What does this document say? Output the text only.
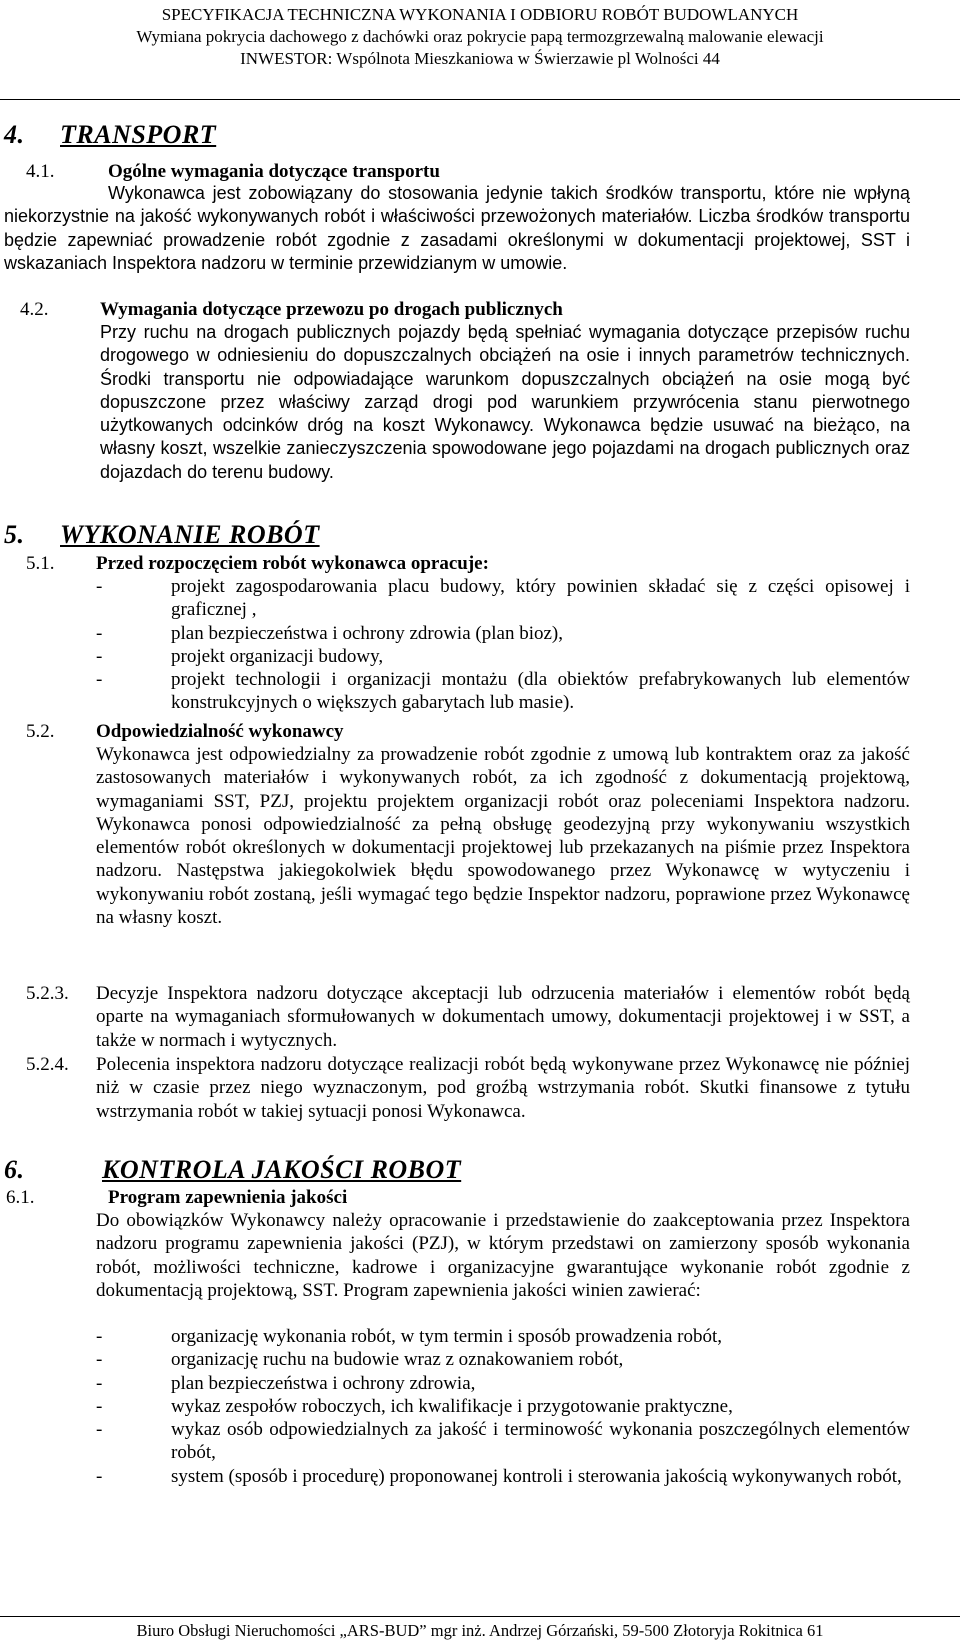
SPECYFIKACJA TECHNICZNA WYKONANIA I ODBIORU ROBÓT BUDOWLANYCH
Wymiana pokrycia dachowego z dachówki oraz pokrycie papą termozgrzewalną malowanie elewacji
INWESTOR: Wspólnota Mieszkaniowa w Świerzawie pl Wolności 44
4. TRANSPORT
4.1.	Ogólne wymagania dotyczące transportu
Wykonawca jest zobowiązany do stosowania jedynie takich środków transportu, które nie wpłyną niekorzystnie na jakość wykonywanych robót i właściwości przewożonych materiałów. Liczba środków transportu będzie zapewniać prowadzenie robót zgodnie z zasadami określonymi w dokumentacji projektowej, SST i wskazaniach Inspektora nadzoru w terminie przewidzianym w umowie.
4.2.	Wymagania dotyczące przewozu po drogach publicznych
Przy ruchu na drogach publicznych pojazdy będą spełniać wymagania dotyczące przepisów ruchu drogowego w odniesieniu do dopuszczalnych obciążeń na osie i innych parametrów technicznych. Środki transportu nie odpowiadające warunkom dopuszczalnych obciążeń na osie mogą być dopuszczone przez właściwy zarząd drogi pod warunkiem przywrócenia stanu pierwotnego użytkowanych odcinków dróg na koszt Wykonawcy. Wykonawca będzie usuwać na bieżąco, na własny koszt, wszelkie zanieczyszczenia spowodowane jego pojazdami na drogach publicznych oraz dojazdach do terenu budowy.
5. WYKONANIE ROBÓT
5.1. Przed rozpoczęciem robót wykonawca opracuje:
- projekt zagospodarowania placu budowy, który powinien składać się z części opisowej i graficznej ,
- plan bezpieczeństwa i ochrony zdrowia (plan bioz),
- projekt organizacji budowy,
- projekt technologii i organizacji montażu (dla obiektów prefabrykowanych lub elementów konstrukcyjnych o większych gabarytach lub masie).
5.2. Odpowiedzialność wykonawcy
Wykonawca jest odpowiedzialny za prowadzenie robót zgodnie z umową lub kontraktem oraz za jakość zastosowanych materiałów i wykonywanych robót, za ich zgodność z dokumentacją projektową, wymaganiami SST, PZJ, projektu projektem organizacji robót oraz poleceniami Inspektora nadzoru. Wykonawca ponosi odpowiedzialność za pełną obsługę geodezyjną przy wykonywaniu wszystkich elementów robót określonych w dokumentacji projektowej lub przekazanych na piśmie przez Inspektora nadzoru. Następstwa jakiegokolwiek błędu spowodowanego przez Wykonawcę w wytyczeniu i wykonywaniu robót zostaną, jeśli wymagać tego będzie Inspektor nadzoru, poprawione przez Wykonawcę na własny koszt.
5.2.3. Decyzje Inspektora nadzoru dotyczące akceptacji lub odrzucenia materiałów i elementów robót będą oparte na wymaganiach sformułowanych w dokumentach umowy, dokumentacji projektowej i w SST, a także w normach i wytycznych.
5.2.4. Polecenia inspektora nadzoru dotyczące realizacji robót będą wykonywane przez Wykonawcę nie później niż w czasie przez niego wyznaczonym, pod groźbą wstrzymania robót. Skutki finansowe z tytułu wstrzymania robót w takiej sytuacji ponosi Wykonawca.
6.	KONTROLA JAKOŚCI ROBOT
6.1.	Program zapewnienia jakości
Do obowiązków Wykonawcy należy opracowanie i przedstawienie do zaakceptowania przez Inspektora nadzoru programu zapewnienia jakości (PZJ), w którym przedstawi on zamierzony sposób wykonania robót, możliwości techniczne, kadrowe i organizacyjne gwarantujące wykonanie robót zgodnie z dokumentacją projektową, SST. Program zapewnienia jakości winien zawierać:
- organizację wykonania robót, w tym termin i sposób prowadzenia robót,
- organizację ruchu na budowie wraz z oznakowaniem robót,
- plan bezpieczeństwa i ochrony zdrowia,
- wykaz zespołów roboczych, ich kwalifikacje i przygotowanie praktyczne,
- wykaz osób odpowiedzialnych za jakość i terminowość wykonania poszczególnych elementów robót,
- system (sposób i procedurę) proponowanej kontroli i sterowania jakością wykonywanych robót,
Biuro Obsługi Nieruchomości „ARS-BUD” mgr inż. Andrzej Górzański, 59-500 Złotoryja Rokitnica 61
